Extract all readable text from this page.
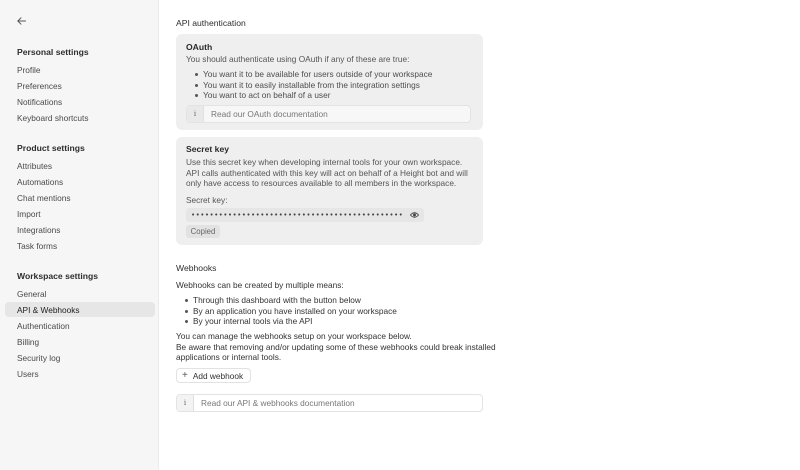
Personal settings
Profile
Preferences
Notifications
Keyboard shortcuts
Product settings
Attributes
Automations
Chat mentions
Import
Integrations
Task forms
Workspace settings
General
API & Webhooks
Authentication
Billing
Security log
Users
API authentication
OAuth
You should authenticate using OAuth if any of these are true:
You want it to be available for users outside of your workspace
You want it to easily installable from the integration settings
You want to act on behalf of a user
i	Read our OAuth documentation
Secret key
Use this secret key when developing internal tools for your own workspace.
API calls authenticated with this key will act on behalf of a Height bot and will
only have access to resources available to all members in the workspace.
Secret key:
••••••••••••••••••••••••••••••••••••••••••••••
Copied
Webhooks
Webhooks can be created by multiple means:
Through this dashboard with the button below
By an application you have installed on your workspace
By your internal tools via the API
You can manage the webhooks setup on your workspace below.
Be aware that removing and/or updating some of these webhooks could break installed
applications or internal tools.
+ Add webhook
i	Read our API & webhooks documentation
